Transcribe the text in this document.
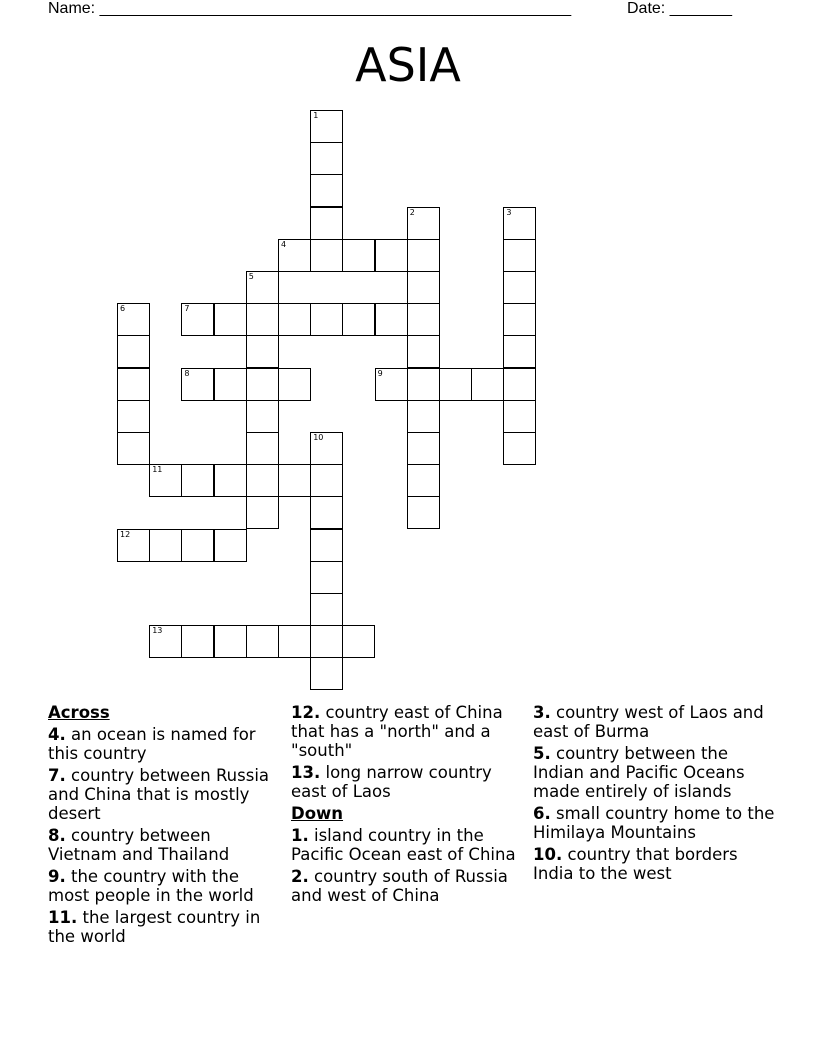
Name: _____________________________________________________	Date: _______
ASIA
1
2	3
4
5
6	7
8	9
10
11
12
13
Across
4. an ocean is named for this country
7. country between Russia and China that is mostly desert
8. country between Vietnam and Thailand
9. the country with the most people in the world
11. the largest country in the world
12. country east of China that has a "north" and a "south"
13. long narrow country east of Laos
Down
1. island country in the Pacific Ocean east of China
2. country south of Russia and west of China
3. country west of Laos and east of Burma
5. country between the Indian and Pacific Oceans made entirely of islands
6. small country home to the Himilaya Mountains
10. country that borders India to the west
